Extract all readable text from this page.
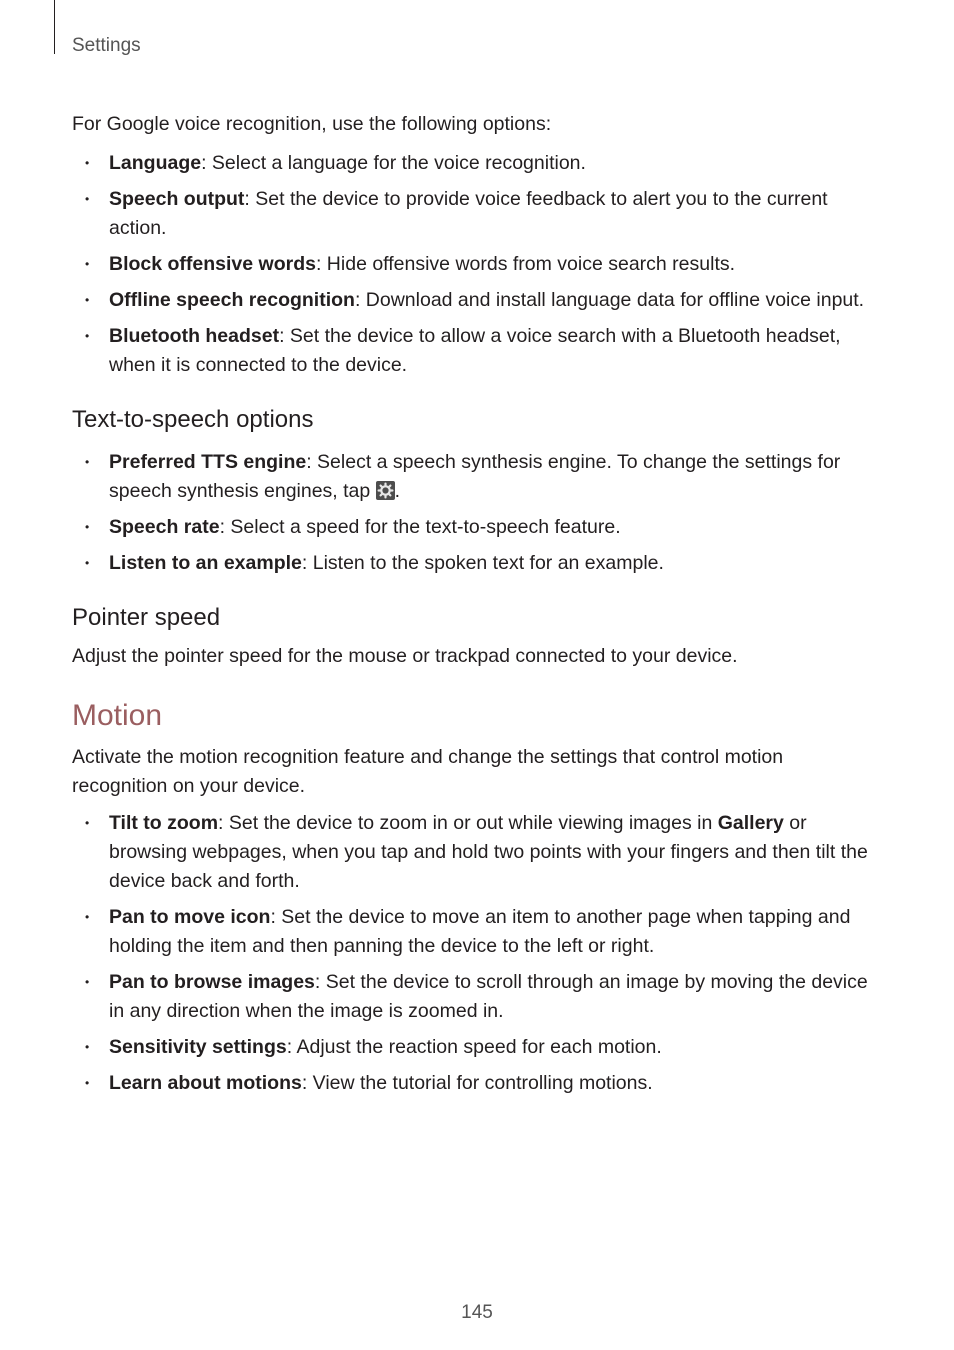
Settings

For Google voice recognition, use the following options:

• Language: Select a language for the voice recognition.
• Speech output: Set the device to provide voice feedback to alert you to the current action.
• Block offensive words: Hide offensive words from voice search results.
• Offline speech recognition: Download and install language data for offline voice input.
• Bluetooth headset: Set the device to allow a voice search with a Bluetooth headset, when it is connected to the device.
Text-to-speech options
• Preferred TTS engine: Select a speech synthesis engine. To change the settings for speech synthesis engines, tap
.
• Speech rate: Select a speed for the text-to-speech feature.
• Listen to an example: Listen to the spoken text for an example.
Pointer speed

Adjust the pointer speed for the mouse or trackpad connected to your device.

Motion

Activate the motion recognition feature and change the settings that control motion recognition on your device.

• Tilt to zoom: Set the device to zoom in or out while viewing images in Gallery or browsing webpages, when you tap and hold two points with your fingers and then tilt the device back and forth.
• Pan to move icon: Set the device to move an item to another page when tapping and holding the item and then panning the device to the left or right.
• Pan to browse images: Set the device to scroll through an image by moving the device in any direction when the image is zoomed in.
• Sensitivity settings: Adjust the reaction speed for each motion.
• Learn about motions: View the tutorial for controlling motions.
145
